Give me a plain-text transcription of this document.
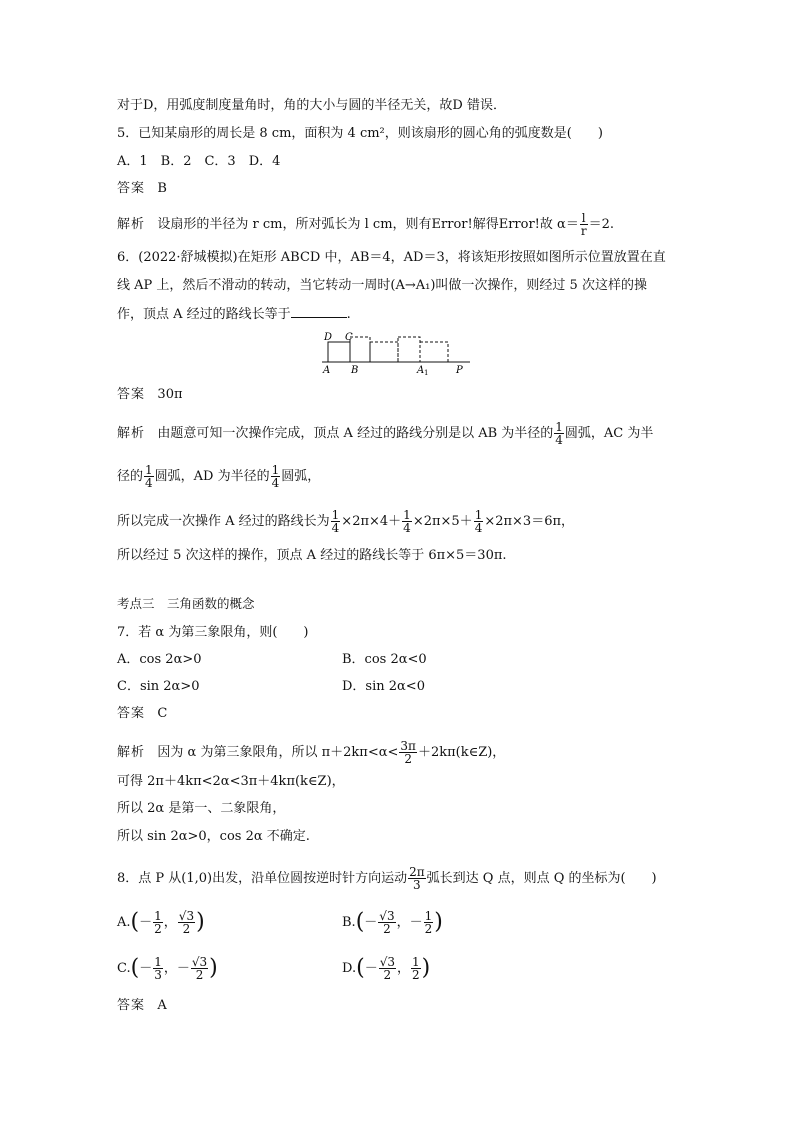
对于D，用弧度制度量角时，角的大小与圆的半径无关，故D 错误．
5．已知某扇形的周长是 8 cm，面积为 4 cm²，则该扇形的圆心角的弧度数是(　　)
A．1　B．2　C．3　D．4
答案 B
解析 设扇形的半径为 r cm，所对弧长为 l cm，则有Error!解得Error!故 $\alpha= \frac{l}{r} =2$.
6．(2022·舒城模拟)在矩形 ABCD 中，AB＝4，AD＝3，将该矩形按照如图所示位置放置在直
线 AP 上，然后不滑动的转动，当它转动一周时(A→A₁)叫做一次操作，则经过 5 次这样的操
作，顶点 A 经过的路线长等于	.
D C
A B	A 1	P
答案 30π
解析 由题意可知一次操作完成，顶点 A 经过的路线分别是以 AB 为半径的 $\frac{1}{4}$ 圆弧，AC 为半
径的 $\frac{1}{4}$ 圆弧，AD 为半径的 $\frac{1}{4}$ 圆弧，
所以完成一次操作 A 经过的路线长为 $\frac{1}{4} \times 2\pi\times 4+ \frac{1}{4} \times 2\pi\times 5+ \frac{1}{4} \times 2\pi\times 3=6\pi$，
所以经过 5 次这样的操作，顶点 A 经过的路线长等于 6π×5＝30π.
考点三　三角函数的概念
7．若 α 为第三象限角，则(　　)
A．cos 2α>0	B．cos 2α<0
C．sin 2α>0	D．sin 2α<0
答案 C
解析 因为 α 为第三象限角，所以 $\pi+2k\pi<\alpha< \frac{3\pi}{2}$ ＋2kπ(k∈Z)，
可得 2π＋4kπ<2α<3π＋4kπ(k∈Z)，
所以 2α 是第一、二象限角，
所以 sin 2α>0，cos 2α 不确定.
8．点 P 从(1,0)出发，沿单位圆按逆时针方向运动 $\frac{2\pi}{3}$ 弧长到达 Q 点，则点 Q 的坐标为(　　)
$A.(- \frac{1}{2}$ ， $\frac{√3}{2}$ )	$B.(- \frac{√3}{2}$ ，－ $\frac{1}{2}$ )
$C.(- \frac{1}{3}$ ，－ $\frac{√3}{2}$ )	$D.(- \frac{√3}{2}$ ， $\frac{1}{2}$ )
答案 A
